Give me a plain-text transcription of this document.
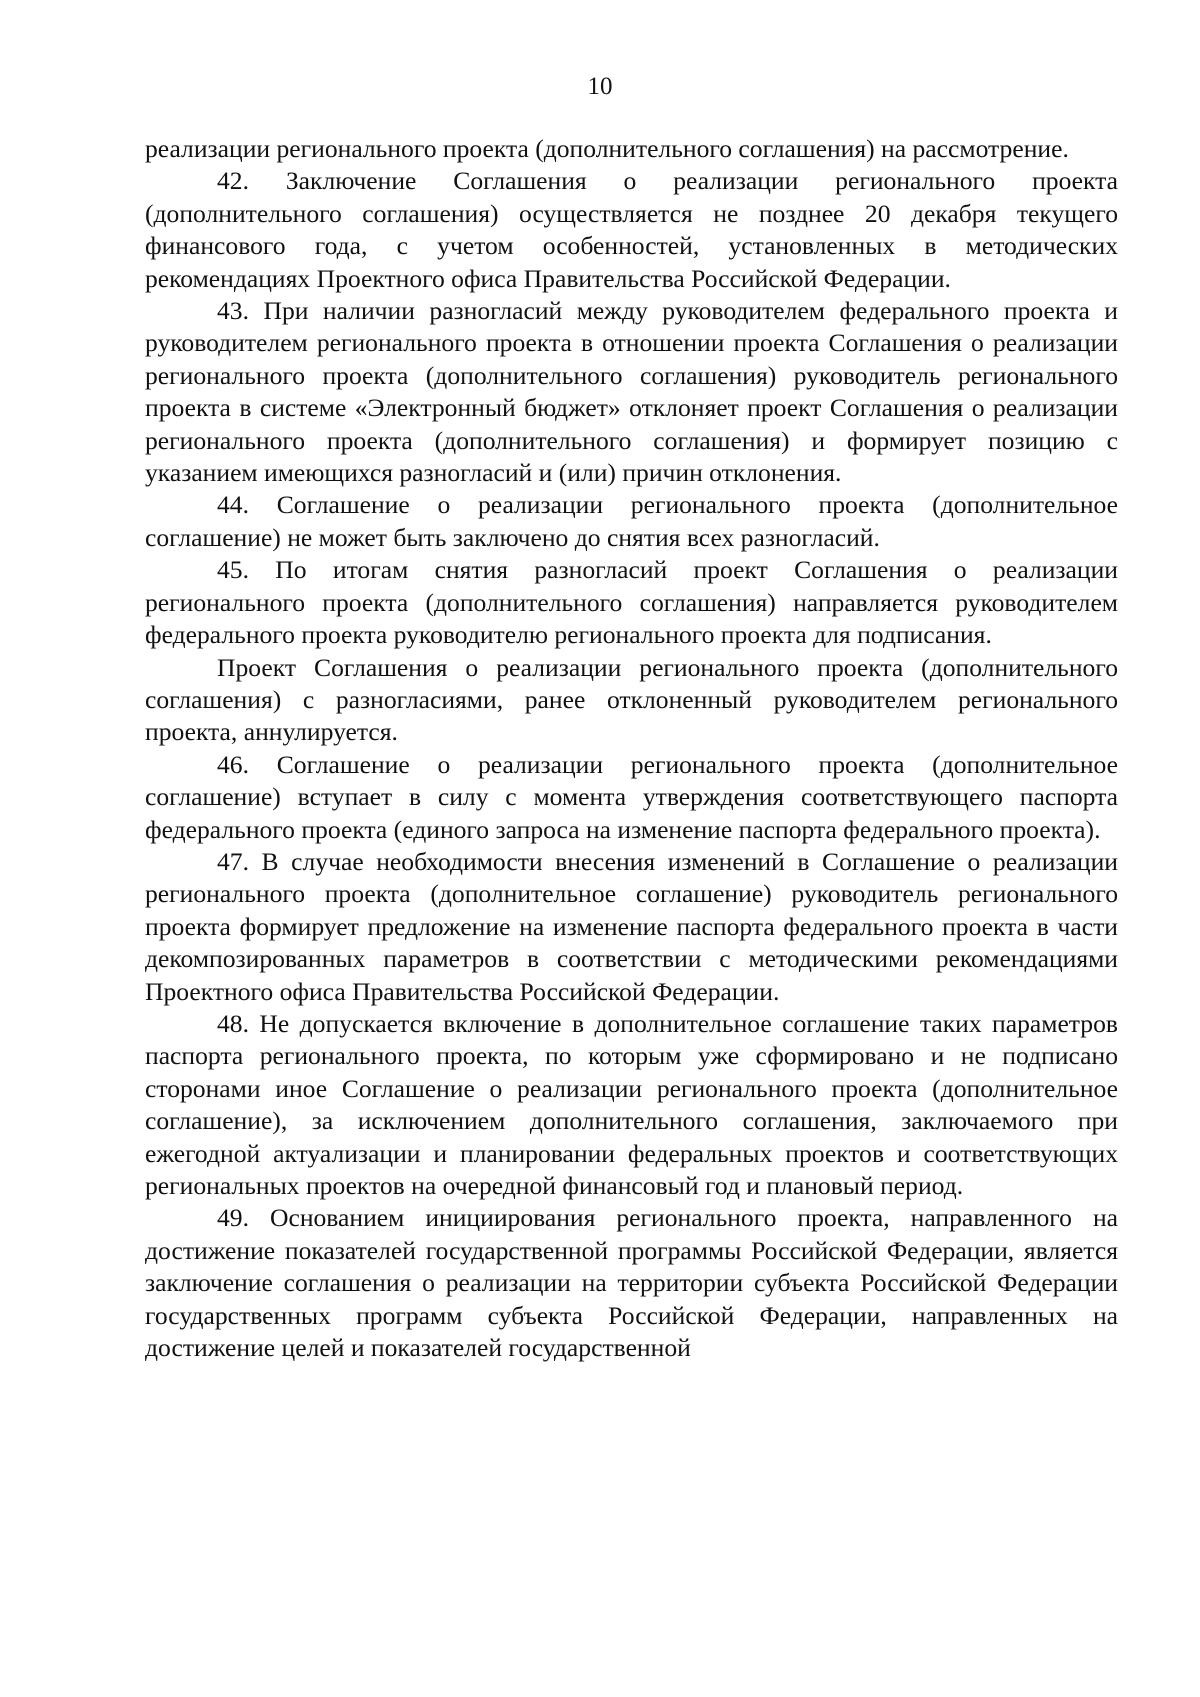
10

реализации регионального проекта (дополнительного соглашения) на рассмотрение.

42. Заключение Соглашения о реализации регионального проекта (дополнительного соглашения) осуществляется не позднее 20 декабря текущего финансового года, с учетом особенностей, установленных в методических рекомендациях Проектного офиса Правительства Российской Федерации.

43. При наличии разногласий между руководителем федерального проекта и руководителем регионального проекта в отношении проекта Соглашения о реализации регионального проекта (дополнительного соглашения) руководитель регионального проекта в системе «Электронный бюджет» отклоняет проект Соглашения о реализации регионального проекта (дополнительного соглашения) и формирует позицию с указанием имеющихся разногласий и (или) причин отклонения.

44. Соглашение о реализации регионального проекта (дополнительное соглашение) не может быть заключено до снятия всех разногласий.

45. По итогам снятия разногласий проект Соглашения о реализации регионального проекта (дополнительного соглашения) направляется руководителем федерального проекта руководителю регионального проекта для подписания.

Проект Соглашения о реализации регионального проекта (дополнительного соглашения) с разногласиями, ранее отклоненный руководителем регионального проекта, аннулируется.

46. Соглашение о реализации регионального проекта (дополнительное соглашение) вступает в силу с момента утверждения соответствующего паспорта федерального проекта (единого запроса на изменение паспорта федерального проекта).

47. В случае необходимости внесения изменений в Соглашение о реализации регионального проекта (дополнительное соглашение) руководитель регионального проекта формирует предложение на изменение паспорта федерального проекта в части декомпозированных параметров в соответствии с методическими рекомендациями Проектного офиса Правительства Российской Федерации.

48. Не допускается включение в дополнительное соглашение таких параметров паспорта регионального проекта, по которым уже сформировано и не подписано сторонами иное Соглашение о реализации регионального проекта (дополнительное соглашение), за исключением дополнительного соглашения, заключаемого при ежегодной актуализации и планировании федеральных проектов и соответствующих региональных проектов на очередной финансовый год и плановый период.

49. Основанием инициирования регионального проекта, направленного на достижение показателей государственной программы Российской Федерации, является заключение соглашения о реализации на территории субъекта Российской Федерации государственных программ субъекта Российской Федерации, направленных на достижение целей и показателей государственной
